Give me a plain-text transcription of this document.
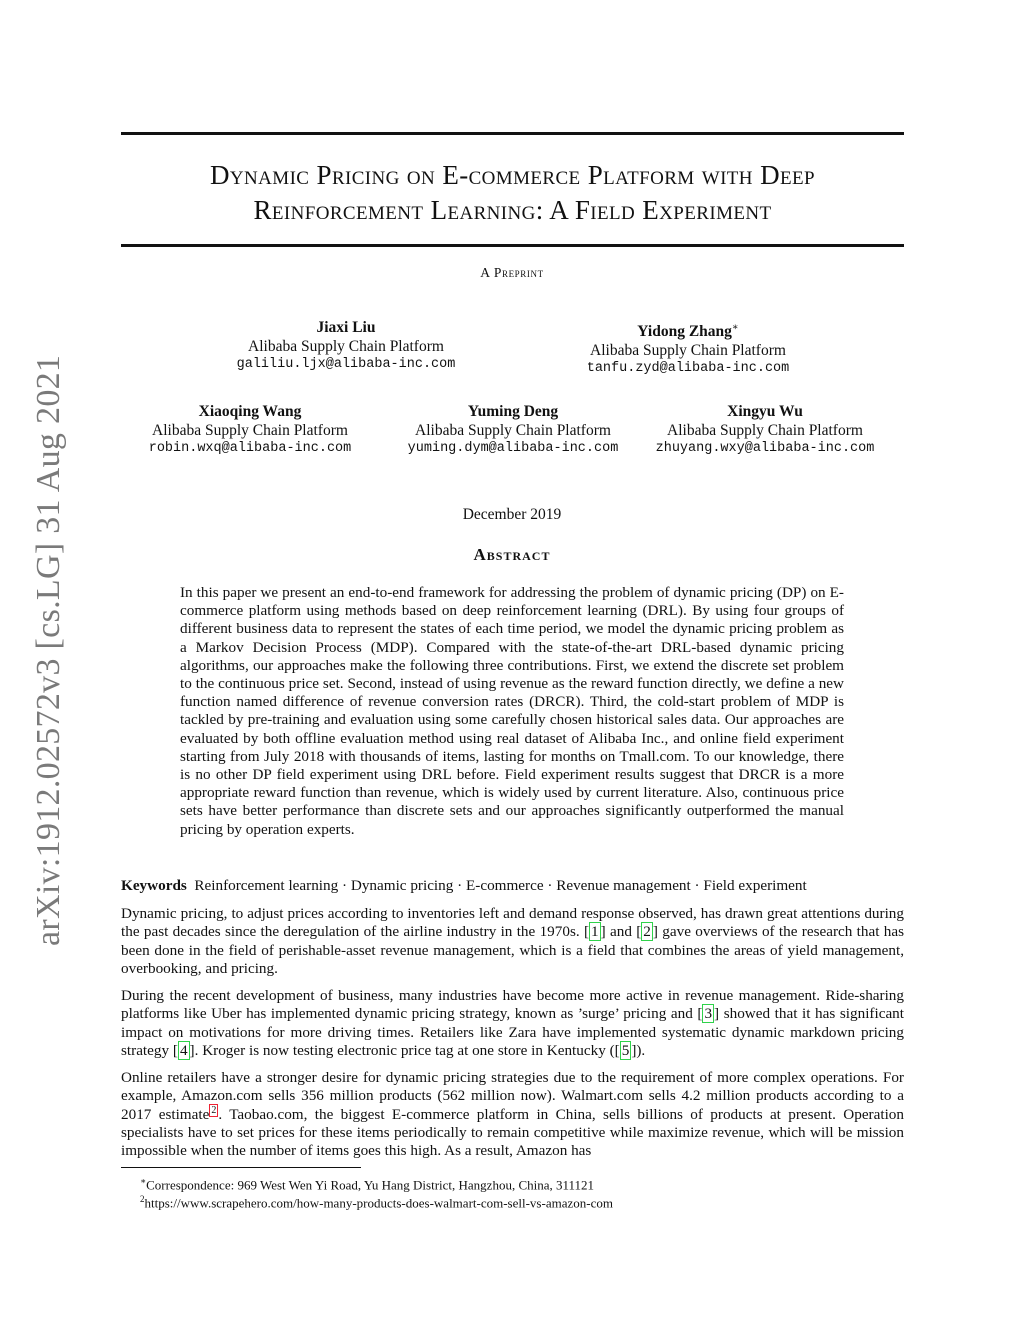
arXiv:1912.02572v3 [cs.LG] 31 Aug 2021
Dynamic Pricing on E-commerce Platform with Deep
Reinforcement Learning: A Field Experiment
A Preprint
Jiaxi Liu
Alibaba Supply Chain Platform
galiliu.ljx@alibaba-inc.com
Yidong Zhang∗
Alibaba Supply Chain Platform
tanfu.zyd@alibaba-inc.com
Xiaoqing Wang
Alibaba Supply Chain Platform
robin.wxq@alibaba-inc.com
Yuming Deng
Alibaba Supply Chain Platform
yuming.dym@alibaba-inc.com
Xingyu Wu
Alibaba Supply Chain Platform
zhuyang.wxy@alibaba-inc.com
December 2019
Abstract
In this paper we present an end-to-end framework for addressing the problem of dynamic pricing (DP) on E-commerce platform using methods based on deep reinforcement learning (DRL). By using four groups of different business data to represent the states of each time period, we model the dynamic pricing problem as a Markov Decision Process (MDP). Compared with the state-of-the-art DRL-based dynamic pricing algorithms, our approaches make the following three contributions. First, we extend the discrete set problem to the continuous price set. Second, instead of using revenue as the reward function directly, we define a new function named difference of revenue conversion rates (DRCR). Third, the cold-start problem of MDP is tackled by pre-training and evaluation using some carefully chosen historical sales data. Our approaches are evaluated by both offline evaluation method using real dataset of Alibaba Inc., and online field experiment starting from July 2018 with thousands of items, lasting for months on Tmall.com. To our knowledge, there is no other DP field experiment using DRL before. Field experiment results suggest that DRCR is a more appropriate reward function than revenue, which is widely used by current literature. Also, continuous price sets have better performance than discrete sets and our approaches significantly outperformed the manual pricing by operation experts.
Keywords Reinforcement learning · Dynamic pricing · E-commerce · Revenue management · Field experiment
Dynamic pricing, to adjust prices according to inventories left and demand response observed, has drawn great attentions during the past decades since the deregulation of the airline industry in the 1970s. [ 1 ] and [ 2 ] gave overviews of the research that has been done in the field of perishable-asset revenue management, which is a field that combines the areas of yield management, overbooking, and pricing.
During the recent development of business, many industries have become more active in revenue management. Ride-sharing platforms like Uber has implemented dynamic pricing strategy, known as ’surge’ pricing and [ 3 ] showed that it has significant impact on motivations for more driving times. Retailers like Zara have implemented systematic dynamic markdown pricing strategy [ 4 ]. Kroger is now testing electronic price tag at one store in Kentucky ([ 5 ]).
Online retailers have a stronger desire for dynamic pricing strategies due to the requirement of more complex operations. For example, Amazon.com sells 356 million products (562 million now). Walmart.com sells 4.2 million products according to a 2017 estimate $^2$ . Taobao.com, the biggest E-commerce platform in China, sells billions of products at present. Operation specialists have to set prices for these items periodically to remain competitive while maximize revenue, which will be mission impossible when the number of items goes this high. As a result, Amazon has
∗Correspondence: 969 West Wen Yi Road, Yu Hang District, Hangzhou, China, 311121
$^2$https://www.scrapehero.com/how-many-products-does-walmart-com-sell-vs-amazon-com
